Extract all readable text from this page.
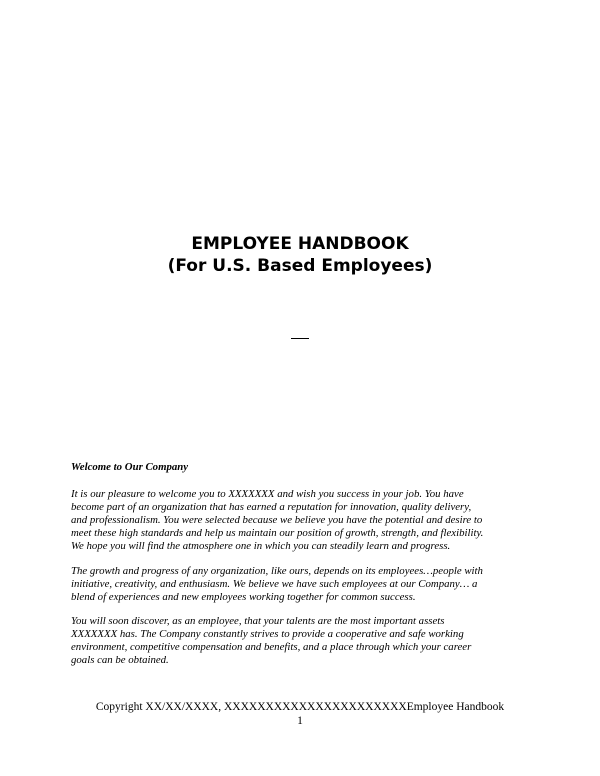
EMPLOYEE HANDBOOK
(For U.S. Based Employees)

Welcome to Our Company

It is our pleasure to welcome you to XXXXXXX and wish you success in your job. You have
become part of an organization that has earned a reputation for innovation, quality delivery,
and professionalism. You were selected because we believe you have the potential and desire to
meet these high standards and help us maintain our position of growth, strength, and flexibility.
We hope you will find the atmosphere one in which you can steadily learn and progress.

The growth and progress of any organization, like ours, depends on its employees…people with
initiative, creativity, and enthusiasm. We believe we have such employees at our Company… a
blend of experiences and new employees working together for common success.

You will soon discover, as an employee, that your talents are the most important assets
XXXXXXX has. The Company constantly strives to provide a cooperative and safe working
environment, competitive compensation and benefits, and a place through which your career
goals can be obtained.

Copyright XX/XX/XXXX, XXXXXXXXXXXXXXXXXXXXXXEmployee Handbook
1
